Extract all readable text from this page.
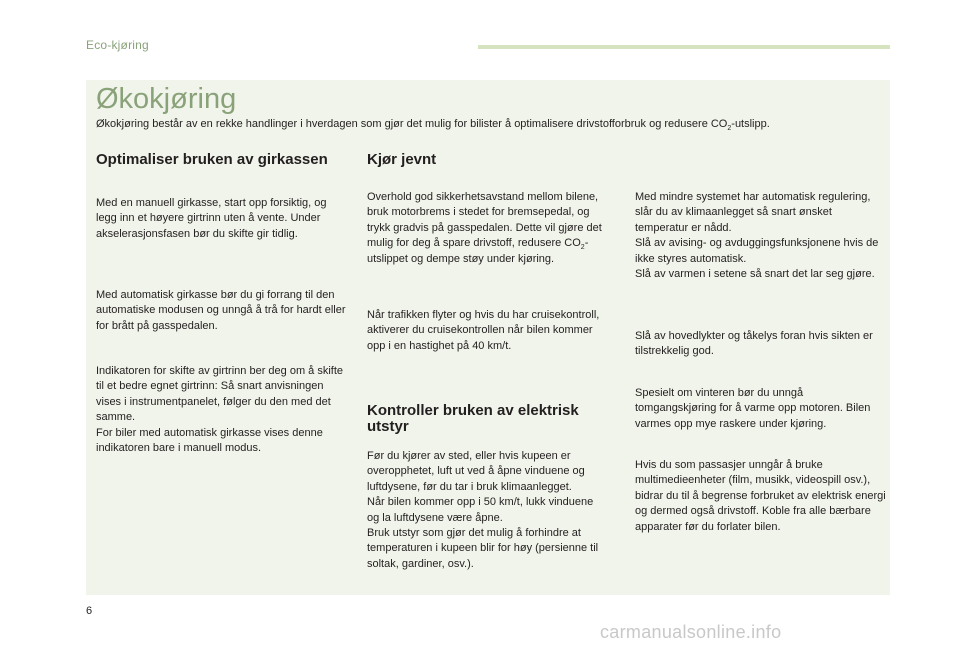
Eco-kjøring
Økokjøring

Økokjøring består av en rekke handlinger i hverdagen som gjør det mulig for bilister å optimalisere drivstofforbruk og redusere $CO_2$-utslipp.

Optimaliser bruken av girkassen

Med en manuell girkasse, start opp forsiktig, og legg inn et høyere girtrinn uten å vente. Under akselerasjonsfasen bør du skifte gir tidlig.

Med automatisk girkasse bør du gi forrang til den automatiske modusen og unngå å trå for hardt eller for brått på gasspedalen.

Indikatoren for skifte av girtrinn ber deg om å skifte til et bedre egnet girtrinn: Så snart anvisningen vises i instrumentpanelet, følger du den med det samme.
For biler med automatisk girkasse vises denne indikatoren bare i manuell modus.

Kjør jevnt

Overhold god sikkerhetsavstand mellom bilene, bruk motorbrems i stedet for bremsepedal, og trykk gradvis på gasspedalen. Dette vil gjøre det mulig for deg å spare drivstoff, redusere $CO_2$-utslippet og dempe støy under kjøring.

Når trafikken flyter og hvis du har cruisekontroll, aktiverer du cruisekontrollen når bilen kommer opp i en hastighet på 40 km/t.

Kontroller bruken av elektrisk utstyr

Før du kjører av sted, eller hvis kupeen er overopphetet, luft ut ved å åpne vinduene og luftdysene, før du tar i bruk klimaanlegget.
Når bilen kommer opp i 50 km/t, lukk vinduene og la luftdysene være åpne.
Bruk utstyr som gjør det mulig å forhindre at temperaturen i kupeen blir for høy (persienne til soltak, gardiner, osv.).

Med mindre systemet har automatisk regulering, slår du av klimaanlegget så snart ønsket temperatur er nådd.
Slå av avising- og avduggingsfunksjonene hvis de ikke styres automatisk.
Slå av varmen i setene så snart det lar seg gjøre.

Slå av hovedlykter og tåkelys foran hvis sikten er tilstrekkelig god.

Spesielt om vinteren bør du unngå tomgangskjøring for å varme opp motoren. Bilen varmes opp mye raskere under kjøring.

Hvis du som passasjer unngår å bruke multimedieenheter (film, musikk, videospill osv.), bidrar du til å begrense forbruket av elektrisk energi og dermed også drivstoff. Koble fra alle bærbare apparater før du forlater bilen.

6
carmanualsonline.info
